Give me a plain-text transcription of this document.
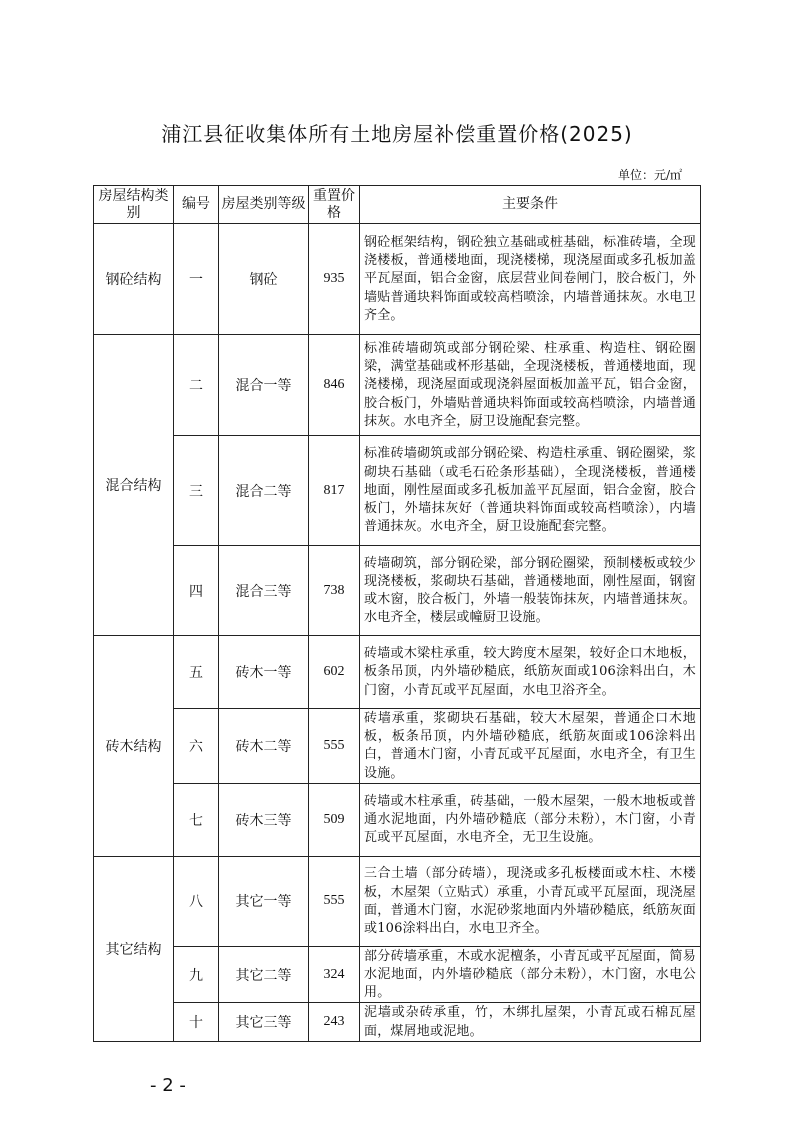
浦江县征收集体所有土地房屋补偿重置价格(2025)
单位：元/㎡
房屋结构类别	编号	房屋类别等级	重置价格	主要条件
钢砼结构	一	钢砼	935	钢砼框架结构，钢砼独立基础或桩基础，标准砖墙，全现浇楼板，普通楼地面，现浇楼梯，现浇屋面或多孔板加盖平瓦屋面，铝合金窗，底层营业间卷闸门，胶合板门，外墙贴普通块料饰面或较高档喷涂，内墙普通抹灰。水电卫齐全。
混合结构	二	混合一等	846	标准砖墙砌筑或部分钢砼梁、柱承重、构造柱、钢砼圈梁，满堂基础或杯形基础，全现浇楼板，普通楼地面，现浇楼梯，现浇屋面或现浇斜屋面板加盖平瓦，铝合金窗，胶合板门，外墙贴普通块料饰面或较高档喷涂，内墙普通抹灰。水电齐全，厨卫设施配套完整。
	三	混合二等	817	标准砖墙砌筑或部分钢砼梁、构造柱承重、钢砼圈梁，浆砌块石基础（或毛石砼条形基础），全现浇楼板，普通楼地面，刚性屋面或多孔板加盖平瓦屋面，铝合金窗，胶合板门，外墙抹灰好（普通块料饰面或较高档喷涂），内墙普通抹灰。水电齐全，厨卫设施配套完整。
	四	混合三等	738	砖墙砌筑，部分钢砼梁，部分钢砼圈梁，预制楼板或较少现浇楼板，浆砌块石基础，普通楼地面，刚性屋面，钢窗或木窗，胶合板门，外墙一般装饰抹灰，内墙普通抹灰。水电齐全，楼层或幢厨卫设施。
砖木结构	五	砖木一等	602	砖墙或木梁柱承重，较大跨度木屋架，较好企口木地板，板条吊顶，内外墙砂糙底，纸筋灰面或106涂料出白，木门窗，小青瓦或平瓦屋面，水电卫浴齐全。
	六	砖木二等	555	砖墙承重，浆砌块石基础，较大木屋架，普通企口木地板，板条吊顶，内外墙砂糙底，纸筋灰面或106涂料出白，普通木门窗，小青瓦或平瓦屋面，水电齐全，有卫生设施。
	七	砖木三等	509	砖墙或木柱承重，砖基础，一般木屋架，一般木地板或普通水泥地面，内外墙砂糙底（部分未粉），木门窗，小青瓦或平瓦屋面，水电齐全，无卫生设施。
其它结构	八	其它一等	555	三合土墙（部分砖墙），现浇或多孔板楼面或木柱、木楼板，木屋架（立贴式）承重，小青瓦或平瓦屋面，现浇屋面，普通木门窗，水泥砂浆地面内外墙砂糙底，纸筋灰面或106涂料出白，水电卫齐全。
	九	其它二等	324	部分砖墙承重，木或水泥檀条，小青瓦或平瓦屋面，简易水泥地面，内外墙砂糙底（部分未粉），木门窗，水电公用。
	十	其它三等	243	泥墙或杂砖承重，竹，木绑扎屋架，小青瓦或石棉瓦屋面，煤屑地或泥地。
- 2 -
